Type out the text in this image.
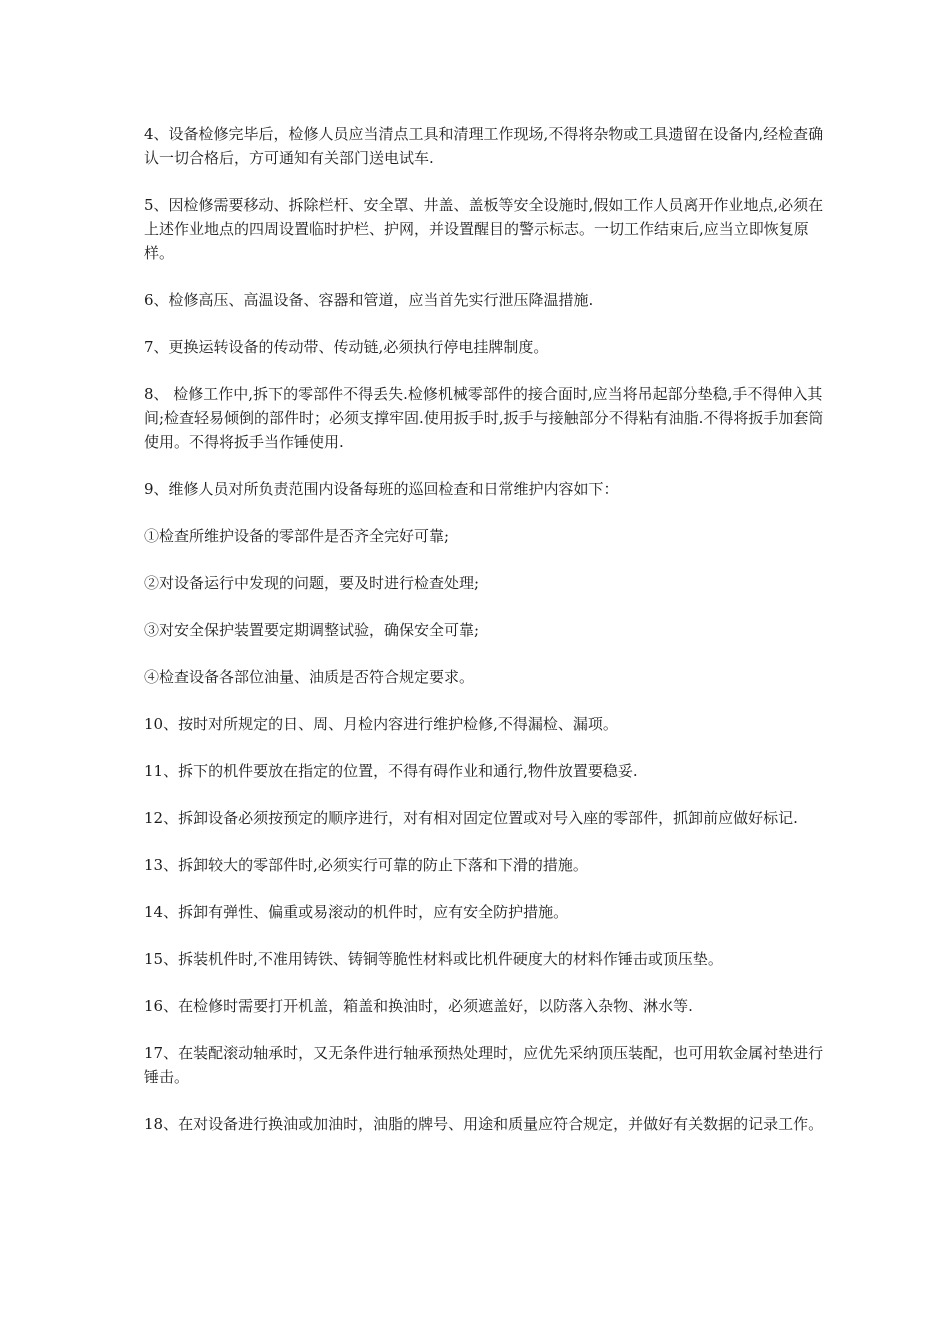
4、设备检修完毕后，检修人员应当清点工具和清理工作现场,不得将杂物或工具遗留在设备内,经检查确认一切合格后，方可通知有关部门送电试车.

5、因检修需要移动、拆除栏杆、安全罩、井盖、盖板等安全设施时,假如工作人员离开作业地点,必须在上述作业地点的四周设置临时护栏、护网，并设置醒目的警示标志。一切工作结束后,应当立即恢复原样。

6、检修高压、高温设备、容器和管道，应当首先实行泄压降温措施.

7、更换运转设备的传动带、传动链,必须执行停电挂牌制度。

8、 检修工作中,拆下的零部件不得丢失.检修机械零部件的接合面时,应当将吊起部分垫稳,手不得伸入其间;检查轻易倾倒的部件时；必须支撑牢固.使用扳手时,扳手与接触部分不得粘有油脂.不得将扳手加套筒使用。不得将扳手当作锤使用.

9、维修人员对所负责范围内设备每班的巡回检查和日常维护内容如下：

①检查所维护设备的零部件是否齐全完好可靠;

②对设备运行中发现的问题，要及时进行检查处理;

③对安全保护装置要定期调整试验，确保安全可靠;

④检查设备各部位油量、油质是否符合规定要求。

10、按时对所规定的日、周、月检内容进行维护检修,不得漏检、漏项。

11、拆下的机件要放在指定的位置，不得有碍作业和通行,物件放置要稳妥.

12、拆卸设备必须按预定的顺序进行，对有相对固定位置或对号入座的零部件，抓卸前应做好标记.

13、拆卸较大的零部件时,必须实行可靠的防止下落和下滑的措施。

14、拆卸有弹性、偏重或易滚动的机件时，应有安全防护措施。

15、拆装机件时,不准用铸铁、铸铜等脆性材料或比机件硬度大的材料作锤击或顶压垫。

16、在检修时需要打开机盖，箱盖和换油时，必须遮盖好，以防落入杂物、淋水等.

17、在装配滚动轴承时，又无条件进行轴承预热处理时，应优先采纳顶压装配，也可用软金属衬垫进行锤击。

18、在对设备进行换油或加油时，油脂的牌号、用途和质量应符合规定，并做好有关数据的记录工作。
